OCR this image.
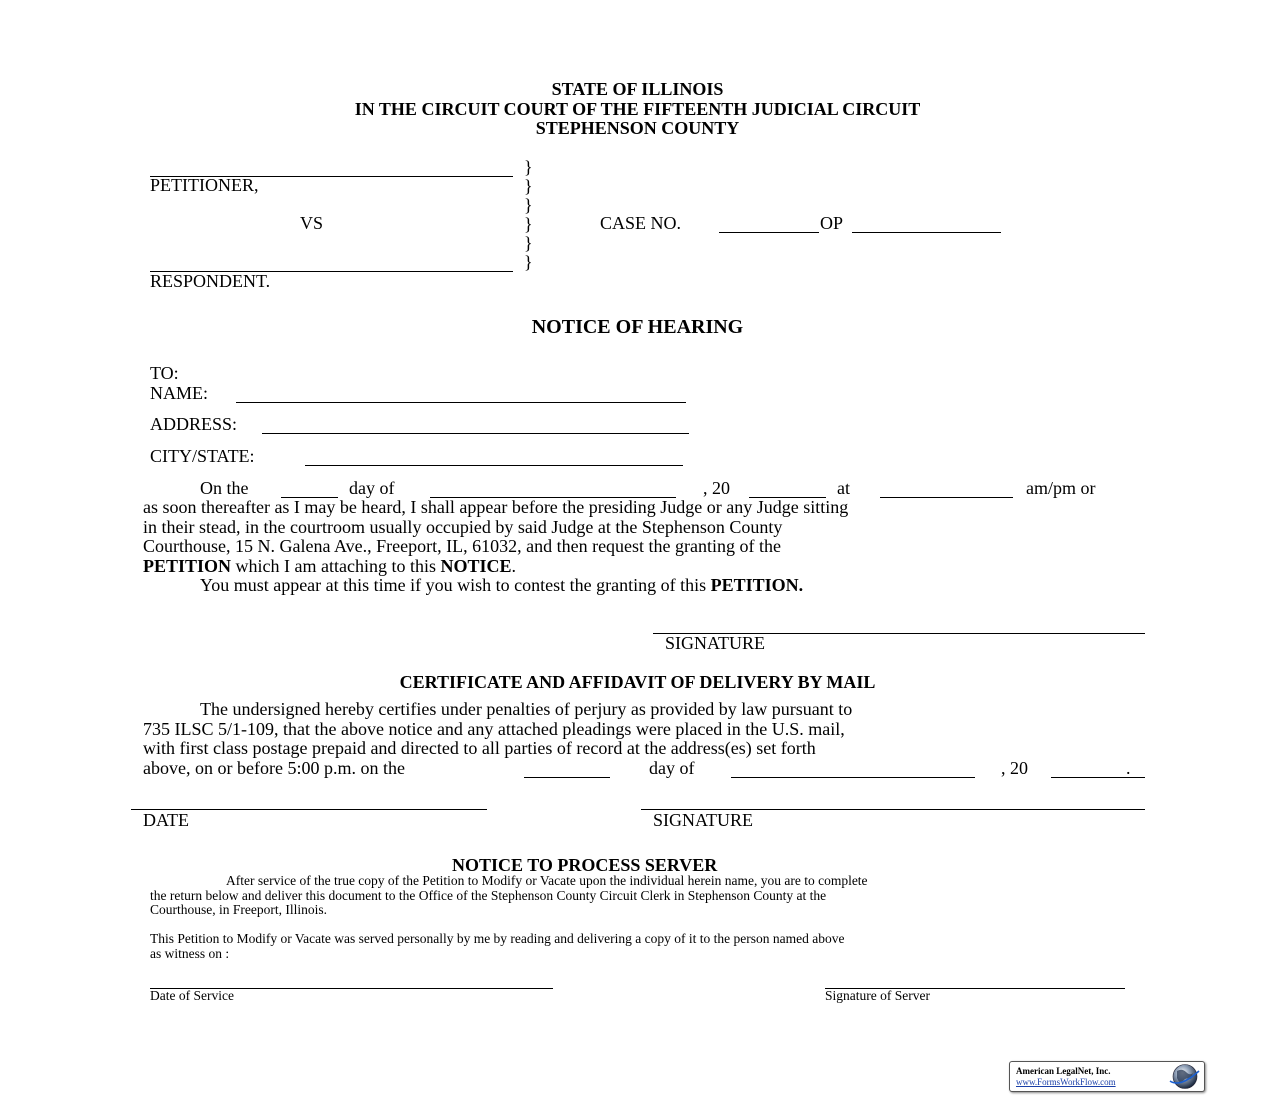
STATE OF ILLINOIS
IN THE CIRCUIT COURT OF THE FIFTEENTH JUDICIAL CIRCUIT
STEPHENSON COUNTY
PETITIONER,
VS
RESPONDENT.
}
}
}
}
}
}
CASE NO.	OP
NOTICE OF HEARING
TO:
NAME:
ADDRESS:
CITY/STATE:
On the	day of	, 20	at	am/pm or
as soon thereafter as I may be heard, I shall appear before the presiding Judge or any Judge sitting
in their stead, in the courtroom usually occupied by said Judge at the Stephenson County
Courthouse, 15 N. Galena Ave., Freeport, IL, 61032, and then request the granting of the
PETITION which I am attaching to this NOTICE.
You must appear at this time if you wish to contest the granting of this PETITION.
SIGNATURE
CERTIFICATE AND AFFIDAVIT OF DELIVERY BY MAIL
The undersigned hereby certifies under penalties of perjury as provided by law pursuant to
735 ILSC 5/1-109, that the above notice and any attached pleadings were placed in the U.S. mail,
with first class postage prepaid and directed to all parties of record at the address(es) set forth
above, on or before 5:00 p.m. on the	day of	, 20	.
DATE	SIGNATURE
NOTICE TO PROCESS SERVER
After service of the true copy of the Petition to Modify or Vacate upon the individual herein name, you are to complete
the return below and deliver this document to the Office of the Stephenson County Circuit Clerk in Stephenson County at the
Courthouse, in Freeport, Illinois.
This Petition to Modify or Vacate was served personally by me by reading and delivering a copy of it to the person named above
as witness on :
Date of Service	Signature of Server
American LegalNet, Inc.
www.FormsWorkFlow.com
